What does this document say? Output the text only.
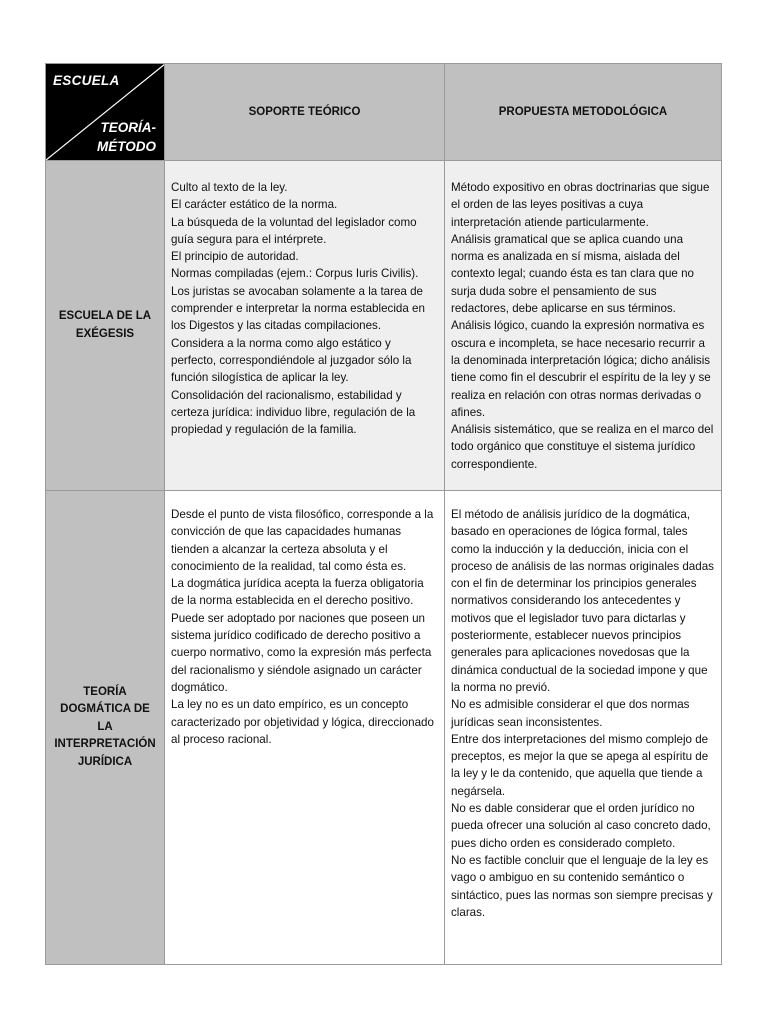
ESCUELA
TEORÍA-
MÉTODO
SOPORTE TEÓRICO	PROPUESTA METODOLÓGICA
ESCUELA DE LA EXÉGESIS

Culto al texto de la ley.

El carácter estático de la norma.

La búsqueda de la voluntad del legislador como guía segura para el intérprete.

El principio de autoridad.

Normas compiladas (ejem.: Corpus Iuris Civilis).

Los juristas se avocaban solamente a la tarea de comprender e interpretar la norma establecida en los Digestos y las citadas compilaciones.

Considera a la norma como algo estático y perfecto, correspondiéndole al juzgador sólo la función silogística de aplicar la ley.

Consolidación del racionalismo, estabilidad y certeza jurídica: individuo libre, regulación de la propiedad y regulación de la familia.

Método expositivo en obras doctrinarias que sigue el orden de las leyes positivas a cuya interpretación atiende particularmente.

Análisis gramatical que se aplica cuando una norma es analizada en sí misma, aislada del contexto legal; cuando ésta es tan clara que no surja duda sobre el pensamiento de sus redactores, debe aplicarse en sus términos.

Análisis lógico, cuando la expresión normativa es oscura e incompleta, se hace necesario recurrir a la denominada interpretación lógica; dicho análisis tiene como fin el descubrir el espíritu de la ley y se realiza en relación con otras normas derivadas o afines.

Análisis sistemático, que se realiza en el marco del todo orgánico que constituye el sistema jurídico correspondiente.

TEORÍA DOGMÁTICA DE LA INTERPRETACIÓN JURÍDICA

Desde el punto de vista filosófico, corresponde a la convicción de que las capacidades humanas tienden a alcanzar la certeza absoluta y el conocimiento de la realidad, tal como ésta es.

La dogmática jurídica acepta la fuerza obligatoria de la norma establecida en el derecho positivo.

Puede ser adoptado por naciones que poseen un sistema jurídico codificado de derecho positivo a cuerpo normativo, como la expresión más perfecta del racionalismo y siéndole asignado un carácter dogmático.

La ley no es un dato empírico, es un concepto caracterizado por objetividad y lógica, direccionado al proceso racional.

El método de análisis jurídico de la dogmática, basado en operaciones de lógica formal, tales como la inducción y la deducción, inicia con el proceso de análisis de las normas originales dadas con el fin de determinar los principios generales normativos considerando los antecedentes y motivos que el legislador tuvo para dictarlas y posteriormente, establecer nuevos principios generales para aplicaciones novedosas que la dinámica conductual de la sociedad impone y que la norma no previó.

No es admisible considerar el que dos normas jurídicas sean inconsistentes.

Entre dos interpretaciones del mismo complejo de preceptos, es mejor la que se apega al espíritu de la ley y le da contenido, que aquella que tiende a negársela.

No es dable considerar que el orden jurídico no pueda ofrecer una solución al caso concreto dado, pues dicho orden es considerado completo.

No es factible concluir que el lenguaje de la ley es vago o ambiguo en su contenido semántico o sintáctico, pues las normas son siempre precisas y claras.
